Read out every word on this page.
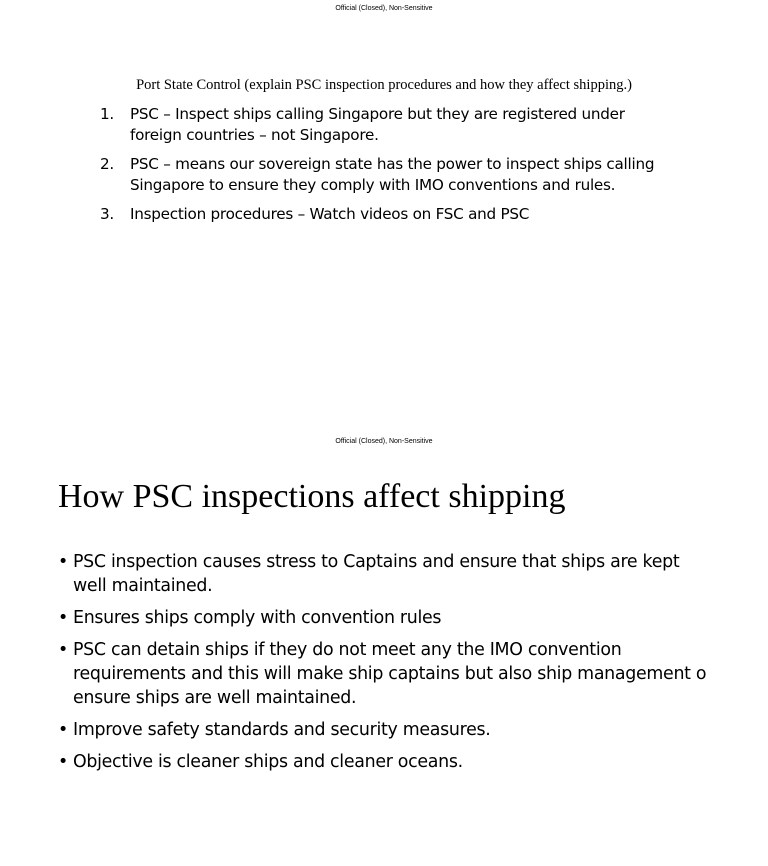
Official (Closed), Non-Sensitive
Port State Control (explain PSC inspection procedures and how they affect shipping.)
1.	PSC – Inspect ships calling Singapore but they are registered under foreign countries – not Singapore.
2.	PSC – means our sovereign state has the power to inspect ships calling Singapore to ensure they comply with IMO conventions and rules.
3.	Inspection procedures – Watch videos on FSC and PSC
Official (Closed), Non-Sensitive
How PSC inspections affect shipping
• PSC inspection causes stress to Captains and ensure that ships are kept well maintained.
• Ensures ships comply with convention rules
• PSC can detain ships if they do not meet any the IMO convention requirements and this will make ship captains but also ship management o ensure ships are well maintained.
• Improve safety standards and security measures.
• Objective is cleaner ships and cleaner oceans.
